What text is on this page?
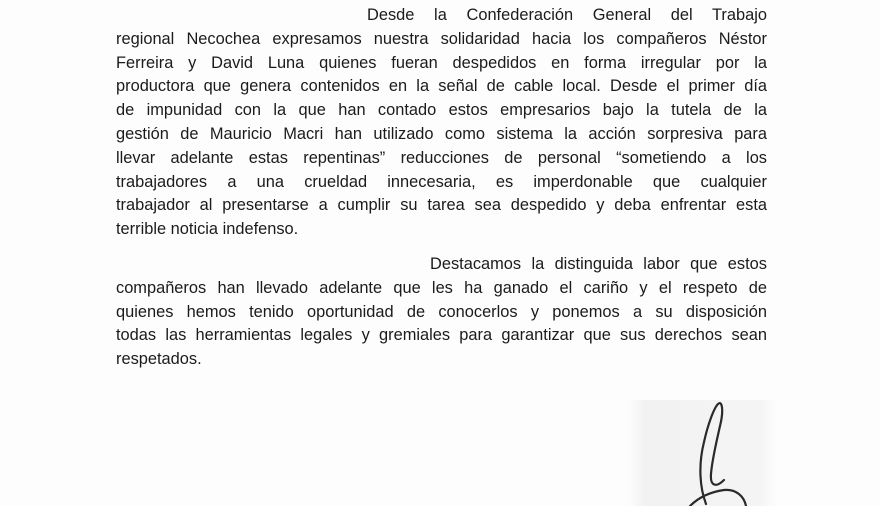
Desde la Confederación General del Trabajo
regional Necochea expresamos nuestra solidaridad hacia los compañeros Néstor
Ferreira y David Luna quienes fueran despedidos en forma irregular por la
productora que genera contenidos en la señal de cable local. Desde el primer día
de impunidad con la que han contado estos empresarios bajo la tutela de la
gestión de Mauricio Macri han utilizado como sistema la acción sorpresiva para
llevar adelante estas repentinas” reducciones de personal “sometiendo a los
trabajadores a una crueldad innecesaria, es imperdonable que cualquier
trabajador al presentarse a cumplir su tarea sea despedido y deba enfrentar esta
terrible noticia indefenso.

Destacamos la distinguida labor que estos
compañeros han llevado adelante que les ha ganado el cariño y el respeto de
quienes hemos tenido oportunidad de conocerlos y ponemos a su disposición
todas las herramientas legales y gremiales para garantizar que sus derechos sean
respetados.
